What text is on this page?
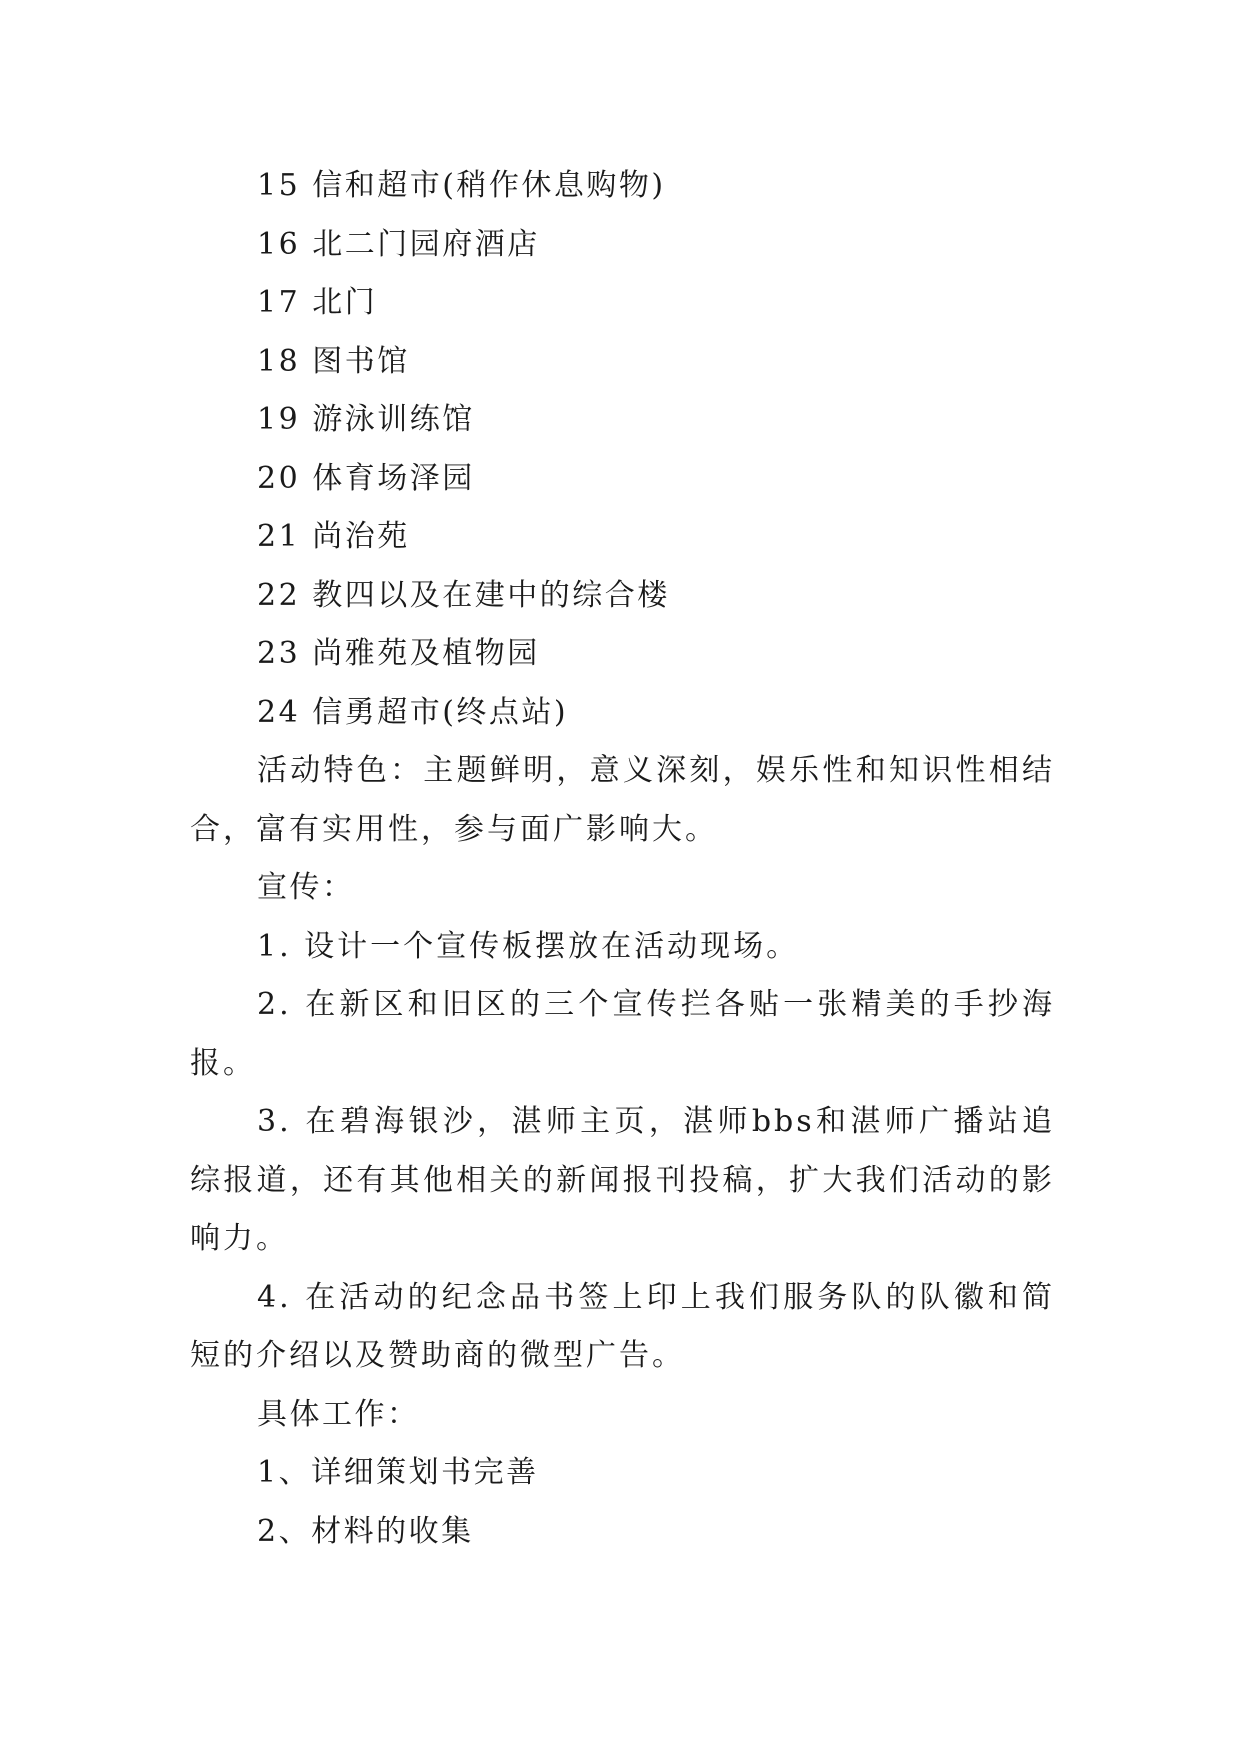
15 信和超市(稍作休息购物)
16 北二门园府酒店
17 北门
18 图书馆
19 游泳训练馆
20 体育场泽园
21 尚治苑
22 教四以及在建中的综合楼
23 尚雅苑及植物园
24 信勇超市(终点站)

活动特色：主题鲜明，意义深刻，娱乐性和知识性相结合，富有实用性，参与面广影响大。

宣传：

1. 设计一个宣传板摆放在活动现场。

2. 在新区和旧区的三个宣传拦各贴一张精美的手抄海报。

3. 在碧海银沙，湛师主页，湛师bbs和湛师广播站追综报道，还有其他相关的新闻报刊投稿，扩大我们活动的影响力。

4. 在活动的纪念品书签上印上我们服务队的队徽和简短的介绍以及赞助商的微型广告。

具体工作：
1、详细策划书完善
2、材料的收集
